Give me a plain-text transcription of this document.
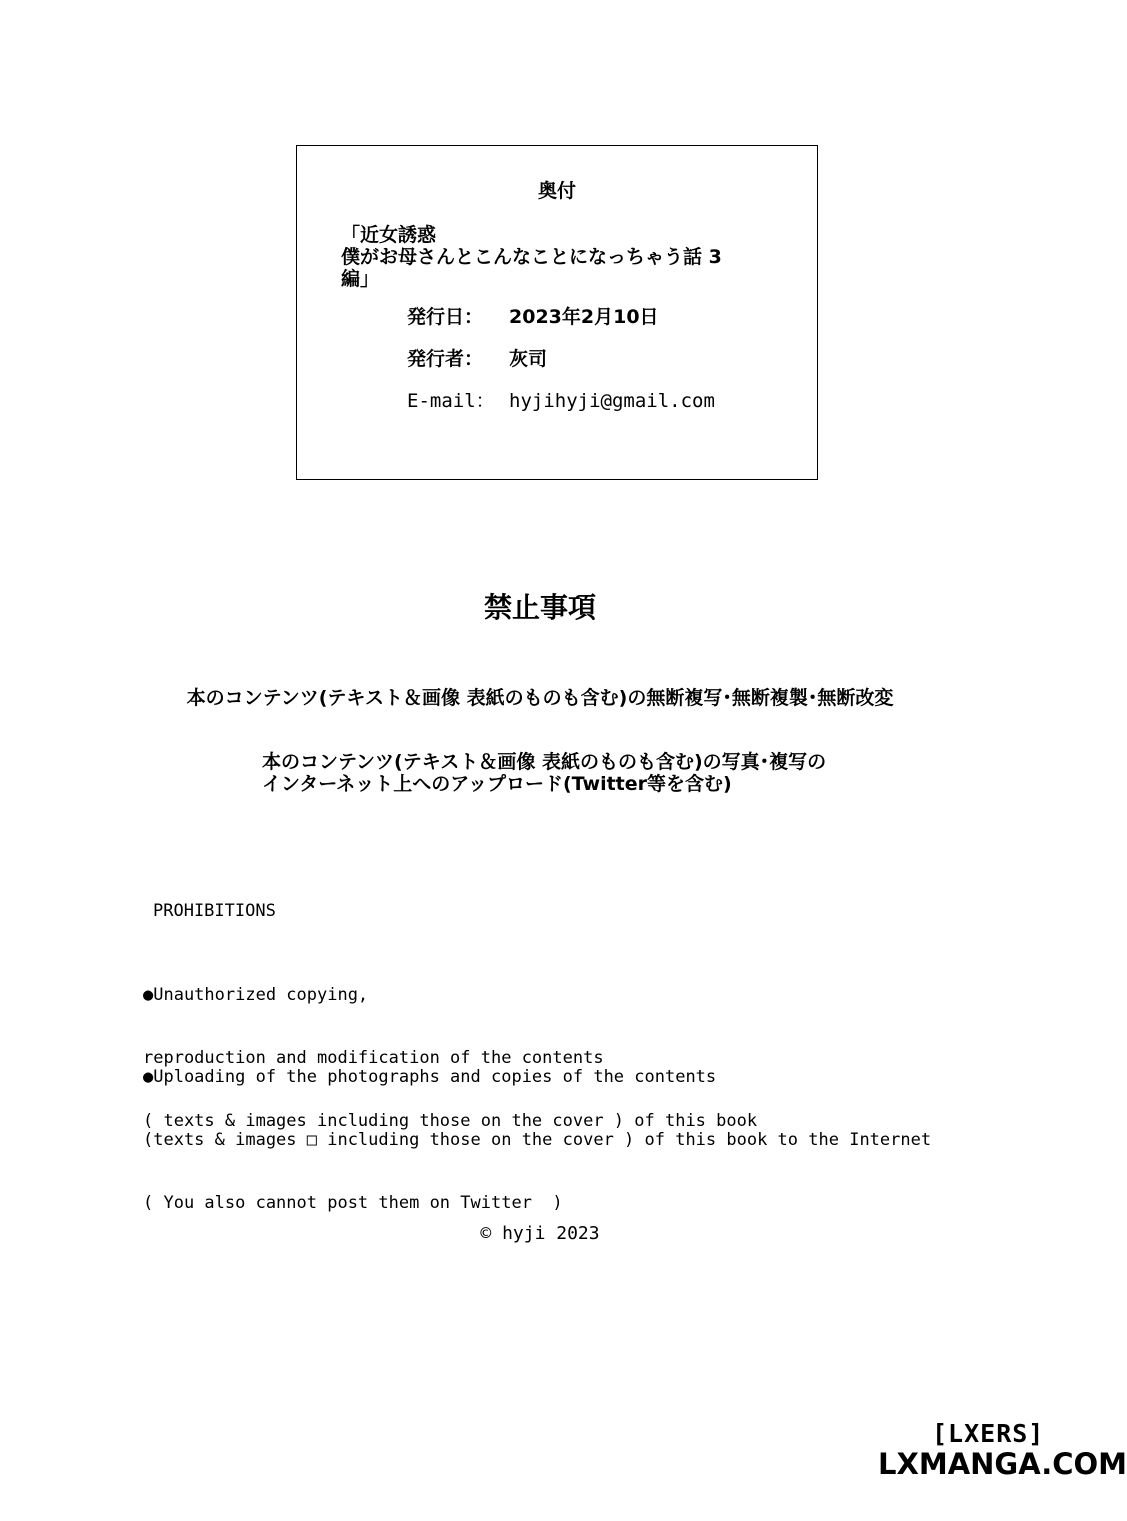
奥付
「近女誘惑
僕がお母さんとこんなことになっちゃう話 3
編」
発行日： 2023年2月10日
発行者： 灰司
E-mail： hyjihyji@gmail.com
禁止事項
本のコンテンツ(テキスト＆画像 表紙のものも含む)の無断複写･無断複製･無断改変
本のコンテンツ(テキスト＆画像 表紙のものも含む)の写真･複写の
インターネット上へのアップロード(Twitter等を含む)
PROHIBITIONS

●Unauthorized copying,

reproduction and modification of the contents

( texts & images including those on the cover ) of this book

●Uploading of the photographs and copies of the contents

(texts & images □ including those on the cover ) of this book to the Internet

( You also cannot post them on Twitter  )

© hyji 2023
[LXERS]
LXMANGA.COM
